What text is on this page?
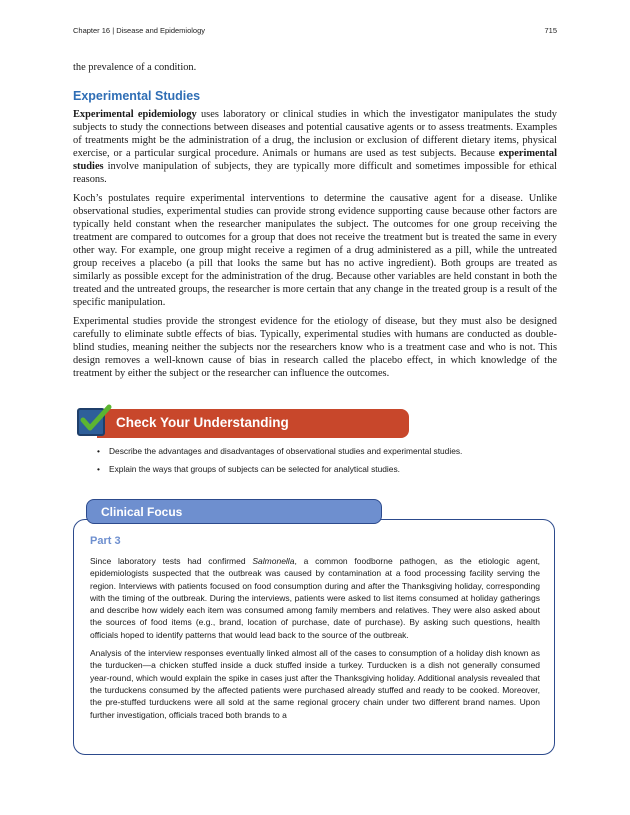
Chapter 16 | Disease and Epidemiology	715
the prevalence of a condition.
Experimental Studies

Experimental epidemiology uses laboratory or clinical studies in which the investigator manipulates the study subjects to study the connections between diseases and potential causative agents or to assess treatments. Examples of treatments might be the administration of a drug, the inclusion or exclusion of different dietary items, physical exercise, or a particular surgical procedure. Animals or humans are used as test subjects. Because experimental studies involve manipulation of subjects, they are typically more difficult and sometimes impossible for ethical reasons.

Koch’s postulates require experimental interventions to determine the causative agent for a disease. Unlike observational studies, experimental studies can provide strong evidence supporting cause because other factors are typically held constant when the researcher manipulates the subject. The outcomes for one group receiving the treatment are compared to outcomes for a group that does not receive the treatment but is treated the same in every other way. For example, one group might receive a regimen of a drug administered as a pill, while the untreated group receives a placebo (a pill that looks the same but has no active ingredient). Both groups are treated as similarly as possible except for the administration of the drug. Because other variables are held constant in both the treated and the untreated groups, the researcher is more certain that any change in the treated group is a result of the specific manipulation.

Experimental studies provide the strongest evidence for the etiology of disease, but they must also be designed carefully to eliminate subtle effects of bias. Typically, experimental studies with humans are conducted as double-blind studies, meaning neither the subjects nor the researchers know who is a treatment case and who is not. This design removes a well-known cause of bias in research called the placebo effect, in which knowledge of the treatment by either the subject or the researcher can influence the outcomes.

Check Your Understanding
• Describe the advantages and disadvantages of observational studies and experimental studies.
• Explain the ways that groups of subjects can be selected for analytical studies.
Clinical Focus
Part 3

Since laboratory tests had confirmed Salmonella, a common foodborne pathogen, as the etiologic agent, epidemiologists suspected that the outbreak was caused by contamination at a food processing facility serving the region. Interviews with patients focused on food consumption during and after the Thanksgiving holiday, corresponding with the timing of the outbreak. During the interviews, patients were asked to list items consumed at holiday gatherings and describe how widely each item was consumed among family members and relatives. They were also asked about the sources of food items (e.g., brand, location of purchase, date of purchase). By asking such questions, health officials hoped to identify patterns that would lead back to the source of the outbreak.

Analysis of the interview responses eventually linked almost all of the cases to consumption of a holiday dish known as the turducken—a chicken stuffed inside a duck stuffed inside a turkey. Turducken is a dish not generally consumed year-round, which would explain the spike in cases just after the Thanksgiving holiday. Additional analysis revealed that the turduckens consumed by the affected patients were purchased already stuffed and ready to be cooked. Moreover, the pre-stuffed turduckens were all sold at the same regional grocery chain under two different brand names. Upon further investigation, officials traced both brands to a
